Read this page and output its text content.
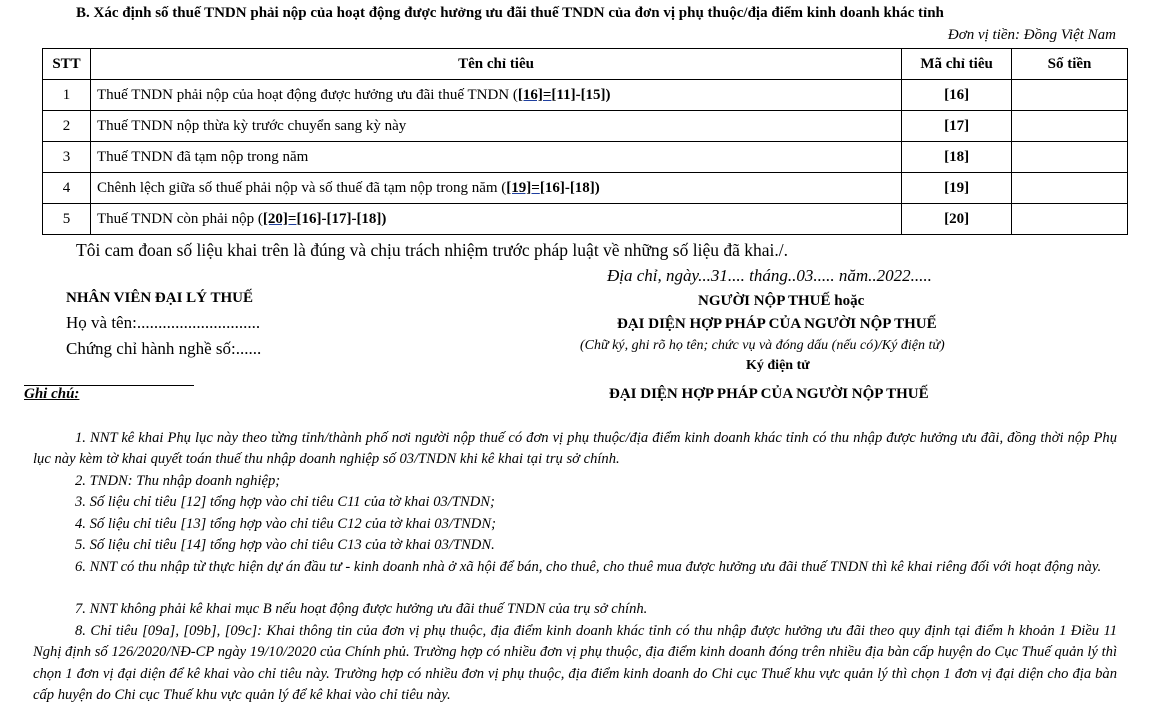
B. Xác định số thuế TNDN phải nộp của hoạt động được hưởng ưu đãi thuế TNDN của đơn vị phụ thuộc/địa điểm kinh doanh khác tỉnh
Đơn vị tiền: Đồng Việt Nam
STT	Tên chỉ tiêu	Mã chỉ tiêu	Số tiền
1	Thuế TNDN phải nộp của hoạt động được hưởng ưu đãi thuế TNDN ([16]=[11]-[15])	[16]	
2	Thuế TNDN nộp thừa kỳ trước chuyển sang kỳ này	[17]	
3	Thuế TNDN đã tạm nộp trong năm	[18]	
4	Chênh lệch giữa số thuế phải nộp và số thuế đã tạm nộp trong năm ([19]=[16]-[18])	[19]	
5	Thuế TNDN còn phải nộp ([20]=[16]-[17]-[18])	[20]	
Tôi cam đoan số liệu khai trên là đúng và chịu trách nhiệm trước pháp luật về những số liệu đã khai./.
Địa chỉ, ngày...31.... tháng..03..... năm..2022.....
NHÂN VIÊN ĐẠI LÝ THUẾ
Họ và tên:.............................
Chứng chỉ hành nghề số:......
NGƯỜI NỘP THUẾ hoặc
ĐẠI DIỆN HỢP PHÁP CỦA NGƯỜI NỘP THUẾ
(Chữ ký, ghi rõ họ tên; chức vụ và đóng dấu (nếu có)/Ký điện tử)
Ký điện tử
Ghi chú:	ĐẠI DIỆN HỢP PHÁP CỦA NGƯỜI NỘP THUẾ
1. NNT kê khai Phụ lục này theo từng tỉnh/thành phố nơi người nộp thuế có đơn vị phụ thuộc/địa điểm kinh doanh khác tỉnh có thu nhập được hưởng ưu đãi, đồng thời nộp Phụ lục này kèm tờ khai quyết toán thuế thu nhập doanh nghiệp số 03/TNDN khi kê khai tại trụ sở chính.
2. TNDN: Thu nhập doanh nghiệp;
3. Số liệu chỉ tiêu [12] tổng hợp vào chỉ tiêu C11 của tờ khai 03/TNDN;
4. Số liệu chỉ tiêu [13] tổng hợp vào chỉ tiêu C12 của tờ khai 03/TNDN;
5. Số liệu chỉ tiêu [14] tổng hợp vào chỉ tiêu C13 của tờ khai 03/TNDN.
6. NNT có thu nhập từ thực hiện dự án đầu tư - kinh doanh nhà ở xã hội để bán, cho thuê, cho thuê mua được hưởng ưu đãi thuế TNDN thì kê khai riêng đối với hoạt động này.
7. NNT không phải kê khai mục B nếu hoạt động được hưởng ưu đãi thuế TNDN của trụ sở chính.
8. Chỉ tiêu [09a], [09b], [09c]: Khai thông tin của đơn vị phụ thuộc, địa điểm kinh doanh khác tỉnh có thu nhập được hưởng ưu đãi theo quy định tại điểm h khoản 1 Điều 11 Nghị định số 126/2020/NĐ-CP ngày 19/10/2020 của Chính phủ. Trường hợp có nhiều đơn vị phụ thuộc, địa điểm kinh doanh đóng trên nhiều địa bàn cấp huyện do Cục Thuế quản lý thì chọn 1 đơn vị đại diện để kê khai vào chỉ tiêu này. Trường hợp có nhiều đơn vị phụ thuộc, địa điểm kinh doanh do Chi cục Thuế khu vực quản lý thì chọn 1 đơn vị đại diện cho địa bàn cấp huyện do Chi cục Thuế khu vực quản lý để kê khai vào chỉ tiêu này.
